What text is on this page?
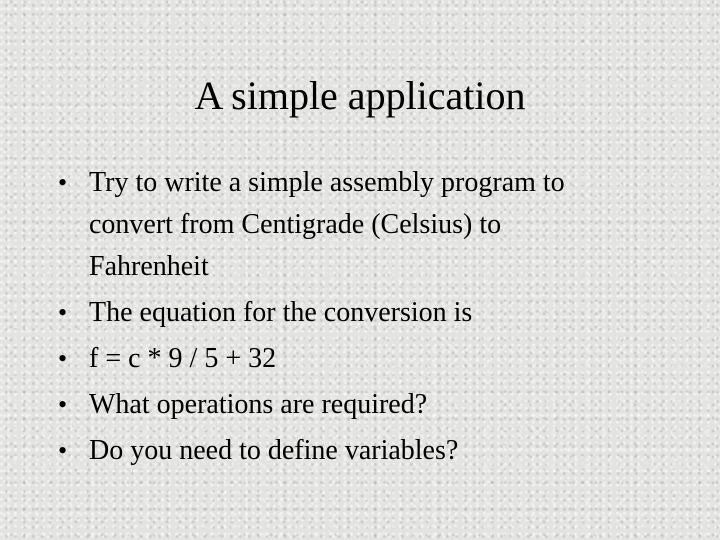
A simple application
• Try to write a simple assembly program to
convert from Centigrade (Celsius) to
Fahrenheit
• The equation for the conversion is
• f = c * 9 / 5 + 32
• What operations are required?
• Do you need to define variables?
